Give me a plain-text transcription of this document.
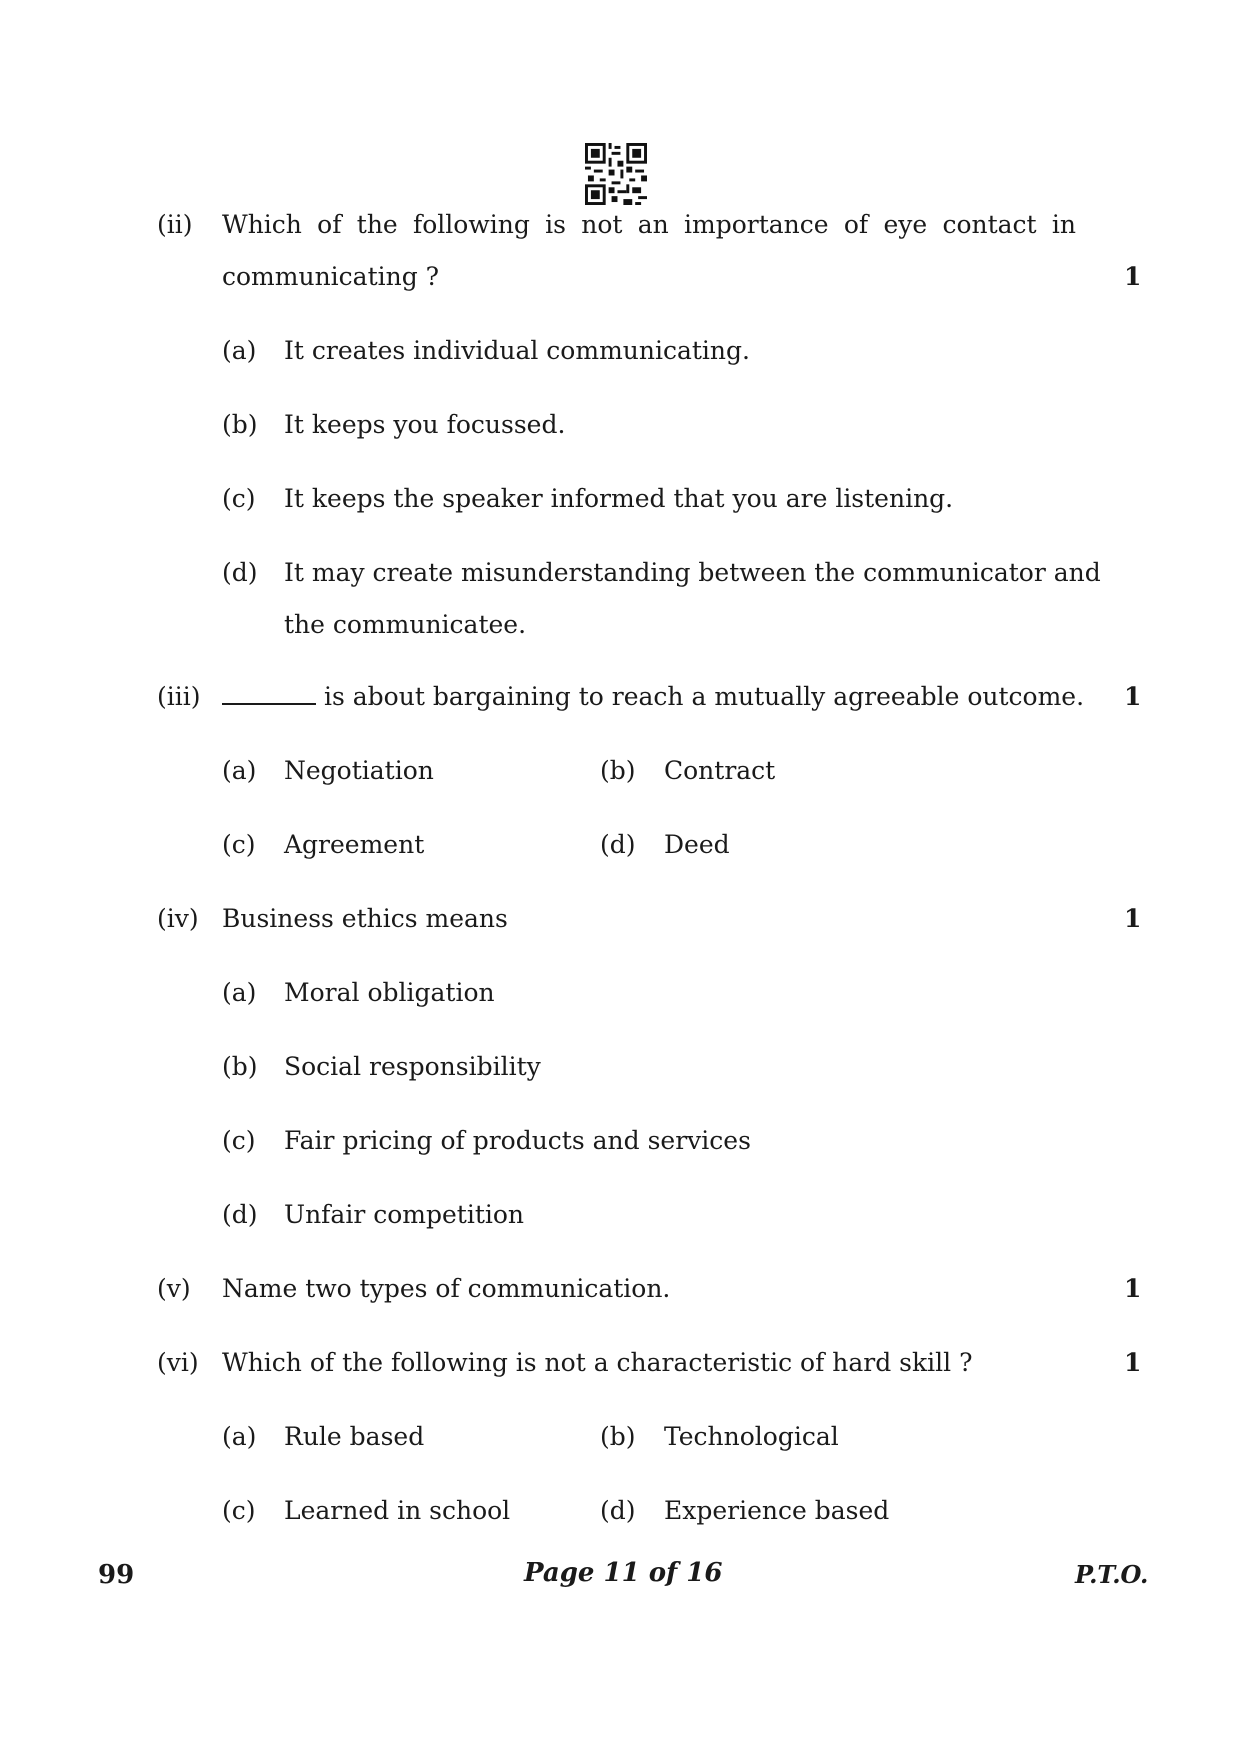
(ii) Which of the following is not an importance of eye contact in
communicating ?	1
(a) It creates individual communicating.
(b) It keeps you focussed.
(c) It keeps the speaker informed that you are listening.
(d) It may create misunderstanding between the communicator and
the communicatee.
(iii)	is about bargaining to reach a mutually agreeable outcome. 1
(a) Negotiation	(b) Contract
(c) Agreement	(d) Deed
(iv) Business ethics means	1
(a) Moral obligation
(b) Social responsibility
(c) Fair pricing of products and services
(d) Unfair competition
(v) Name two types of communication.	1
(vi) Which of the following is not a characteristic of hard skill ?	1
(a) Rule based	(b) Technological
(c) Learned in school	(d) Experience based
99	Page 11 of 16	P.T.O.
